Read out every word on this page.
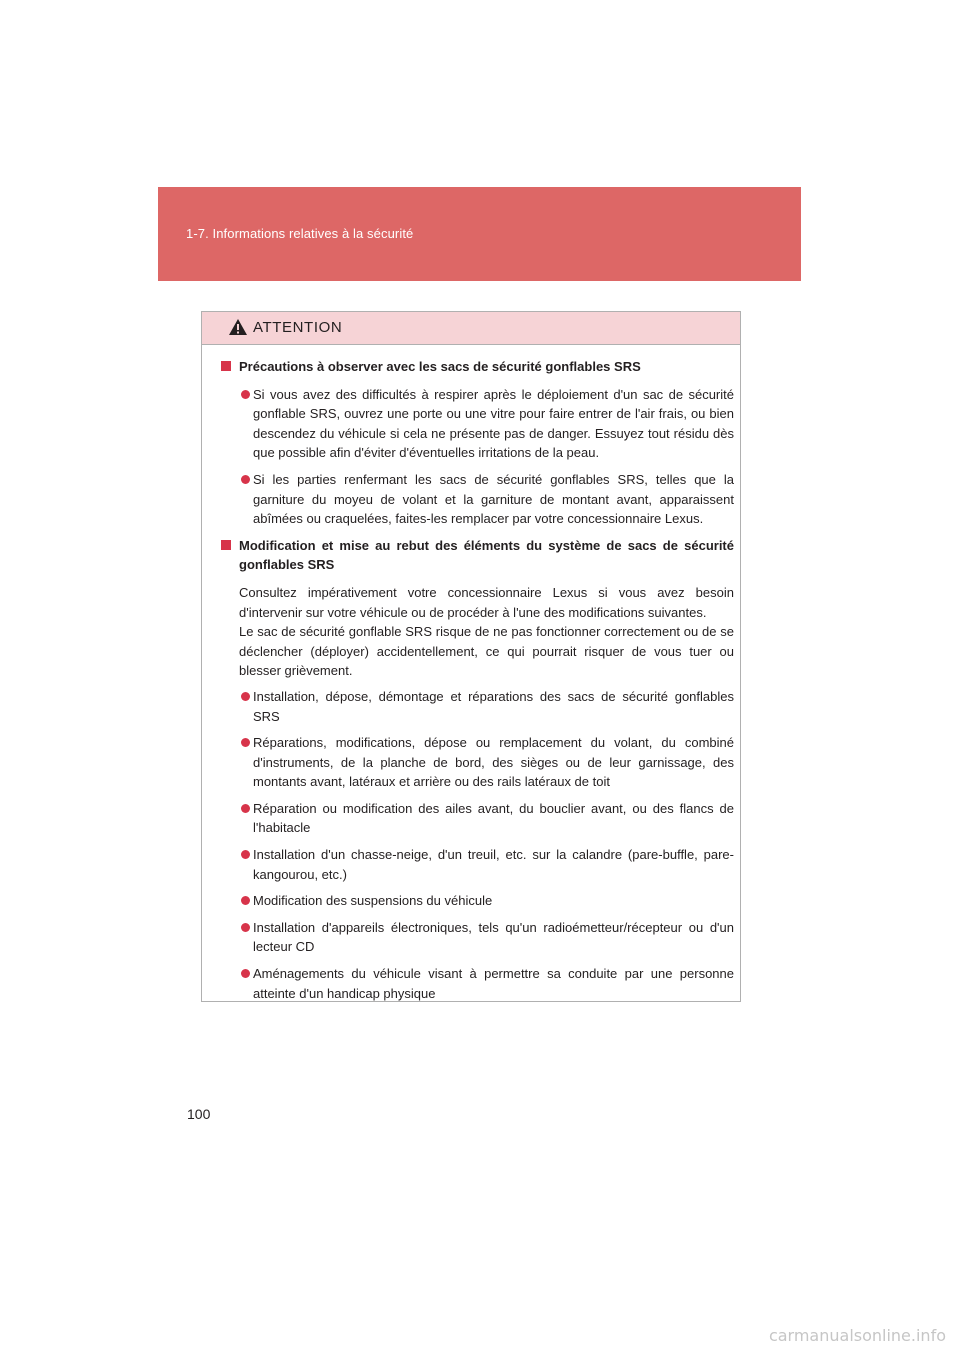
1-7. Informations relatives à la sécurité
ATTENTION
Précautions à observer avec les sacs de sécurité gonflables SRS
Si vous avez des difficultés à respirer après le déploiement d'un sac de sécurité gonflable SRS, ouvrez une porte ou une vitre pour faire entrer de l'air frais, ou bien descendez du véhicule si cela ne présente pas de danger. Essuyez tout résidu dès que possible afin d'éviter d'éventuelles irritations de la peau.
Si les parties renfermant les sacs de sécurité gonflables SRS, telles que la garniture du moyeu de volant et la garniture de montant avant, apparaissent abîmées ou craquelées, faites-les remplacer par votre concessionnaire Lexus.
Modification et mise au rebut des éléments du système de sacs de sécurité gonflables SRS
Consultez impérativement votre concessionnaire Lexus si vous avez besoin d'intervenir sur votre véhicule ou de procéder à l'une des modifications suivantes.
Le sac de sécurité gonflable SRS risque de ne pas fonctionner correctement ou de se déclencher (déployer) accidentellement, ce qui pourrait risquer de vous tuer ou blesser grièvement.
Installation, dépose, démontage et réparations des sacs de sécurité gonflables SRS
Réparations, modifications, dépose ou remplacement du volant, du combiné d'instruments, de la planche de bord, des sièges ou de leur garnissage, des montants avant, latéraux et arrière ou des rails latéraux de toit
Réparation ou modification des ailes avant, du bouclier avant, ou des flancs de l'habitacle
Installation d'un chasse-neige, d'un treuil, etc. sur la calandre (pare-buffle, pare-kangourou, etc.)
Modification des suspensions du véhicule
Installation d'appareils électroniques, tels qu'un radioémetteur/récepteur ou d'un lecteur CD
Aménagements du véhicule visant à permettre sa conduite par une personne atteinte d'un handicap physique
100
carmanualsonline.info
